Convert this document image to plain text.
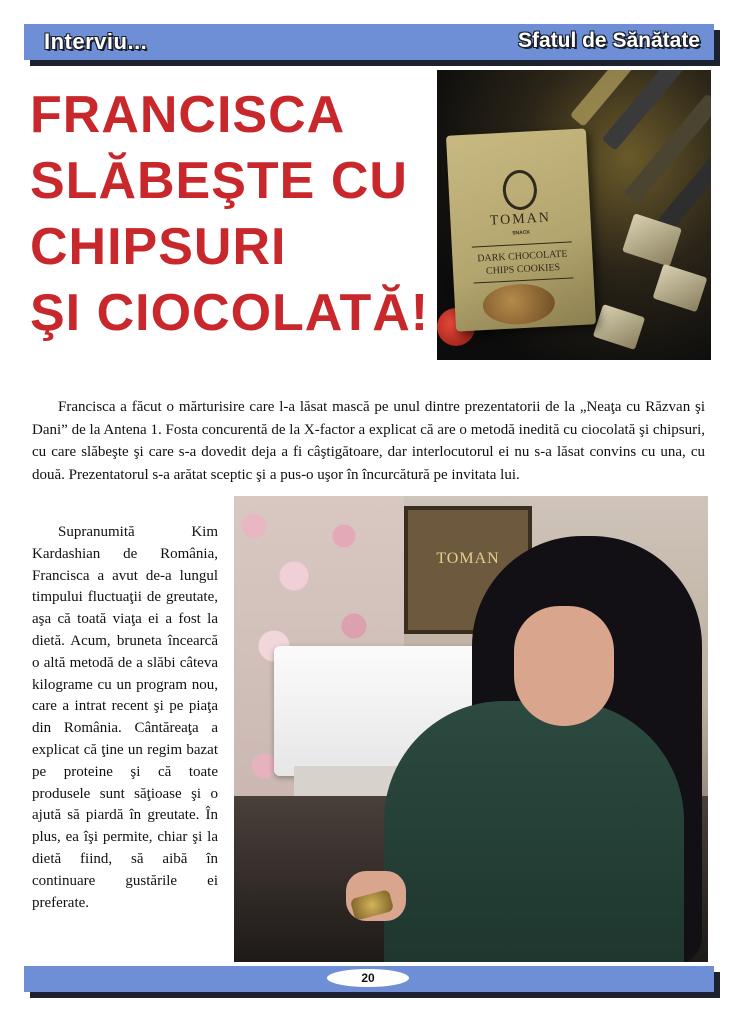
Interviu...	Sfatul de Sănătate
FRANCISCA
SLĂBEŞTE CU
CHIPSURI
ŞI CIOCOLATĂ!
TOMAN
SNACK
DARK CHOCOLATE
CHIPS COOKIES

Francisca a făcut o mărturisire care l-a lăsat mască pe unul dintre prezentatorii de la „Neaţa cu Răzvan şi Dani” de la Antena 1. Fosta concurentă de la X-factor a explicat că are o metodă inedită cu ciocolată şi chipsuri, cu care slăbeşte şi care s-a dovedit deja a fi câştigătoare, dar interlocutorul ei nu s-a lăsat convins cu una, cu două. Prezentatorul s-a arătat sceptic şi a pus-o uşor în încurcătură pe invitata lui.

Supranumită Kim Kardashian de România, Francisca a avut de-a lungul timpului fluctuaţii de greutate, aşa că toată viaţa ei a fost la dietă. Acum, bruneta încearcă o altă metodă de a slăbi câteva kilograme cu un program nou, care a intrat recent şi pe piaţa din România. Cântăreaţa a explicat că ţine un regim bazat pe proteine şi că toate produsele sunt săţioase şi o ajută să piardă în greutate. În plus, ea îşi permite, chiar şi la dietă fiind, să aibă în continuare gustările ei preferate.

TOMAN
20
